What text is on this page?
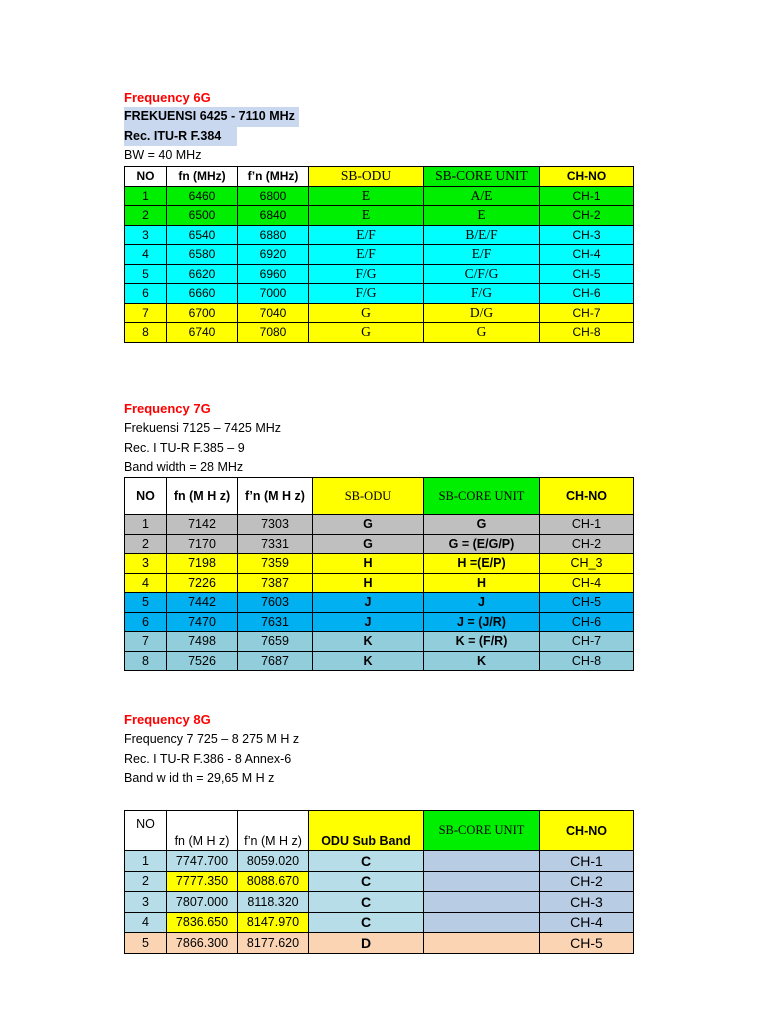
Frequency 6G
FREKUENSI 6425 - 7110 MHz
Rec. ITU-R F.384
BW = 40 MHz
NO	fn (MHz)	f’n (MHz)	SB-ODU	SB-CORE UNIT	CH-NO
1	6460	6800	E	A/E	CH-1
2	6500	6840	E	E	CH-2
3	6540	6880	E/F	B/E/F	CH-3
4	6580	6920	E/F	E/F	CH-4
5	6620	6960	F/G	C/F/G	CH-5
6	6660	7000	F/G	F/G	CH-6
7	6700	7040	G	D/G	CH-7
8	6740	7080	G	G	CH-8
Frequency 7G
Frekuensi 7125 – 7425 MHz
Rec. I TU-R F.385 – 9
Band width = 28 MHz
NO	fn (M H z)	f’n (M H z)	SB-ODU	SB-CORE UNIT	CH-NO
1	7142	7303	G	G	CH-1
2	7170	7331	G	G = (E/G/P)	CH-2
3	7198	7359	H	H =(E/P)	CH_3
4	7226	7387	H	H	CH-4
5	7442	7603	J	J	CH-5
6	7470	7631	J	J = (J/R)	CH-6
7	7498	7659	K	K = (F/R)	CH-7
8	7526	7687	K	K	CH-8
Frequency 8G
Frequency 7 725 – 8 275 M H z
Rec. I TU-R F.386 - 8 Annex-6
Band w id th = 29,65 M H z
NO	fn (M H z)	f’n (M H z)	ODU Sub Band	SB-CORE UNIT	CH-NO
1	7747.700	8059.020	C		CH-1
2	7777.350	8088.670	C		CH-2
3	7807.000	8118.320	C		CH-3
4	7836.650	8147.970	C		CH-4
5	7866.300	8177.620	D		CH-5
